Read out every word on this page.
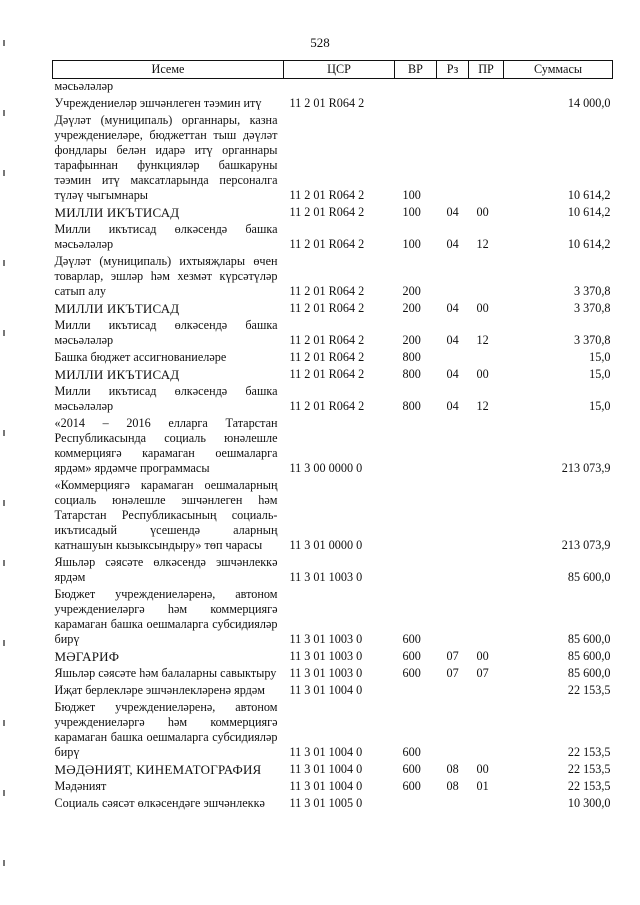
528
Исеме	ЦСР	ВР	Рз	ПР	Суммасы
мәсьәләләр					
Учреждениеләр эшчәнлеген тәэмин итү	11 2 01 R064 2				14 000,0
Дәүләт (муниципаль) органнары, казна учреждениеләре, бюджеттан тыш дәүләт фондлары белән идарә итү органнары тарафыннан функцияләр башкаруны тәэмин итү максатларында персоналга түләү чыгымнары	11 2 01 R064 2	100			10 614,2
МИЛЛИ ИКЪТИСАД	11 2 01 R064 2	100	04	00	10 614,2
Милли икътисад өлкәсендә башка мәсьәләләр	11 2 01 R064 2	100	04	12	10 614,2
Дәүләт (муниципаль) ихтыяҗлары өчен товарлар, эшләр һәм хезмәт күрсәтүләр сатып алу	11 2 01 R064 2	200			3 370,8
МИЛЛИ ИКЪТИСАД	11 2 01 R064 2	200	04	00	3 370,8
Милли икътисад өлкәсендә башка мәсьәләләр	11 2 01 R064 2	200	04	12	3 370,8
Башка бюджет ассигнованиеләре	11 2 01 R064 2	800			15,0
МИЛЛИ ИКЪТИСАД	11 2 01 R064 2	800	04	00	15,0
Милли икътисад өлкәсендә башка мәсьәләләр	11 2 01 R064 2	800	04	12	15,0
«2014 – 2016 елларга Татарстан Республикасында социаль юнәлешле коммерциягә карамаган оешмаларга ярдәм» ярдәмче программасы	11 3 00 0000 0				213 073,9
«Коммерциягә карамаган оешмаларның социаль юнәлешле эшчәнлеген һәм Татарстан Республикасының социаль-икътисадый үсешендә аларның катнашуын кызыксындыру» төп чарасы	11 3 01 0000 0				213 073,9
Яшьләр сәясәте өлкәсендә эшчәнлеккә ярдәм	11 3 01 1003 0				85 600,0
Бюджет учреждениеләренә, автоном учреждениеләргә һәм коммерциягә карамаган башка оешмаларга субсидияләр бирү	11 3 01 1003 0	600			85 600,0
МӘГАРИФ	11 3 01 1003 0	600	07	00	85 600,0
Яшьләр сәясәте һәм балаларны савыктыру	11 3 01 1003 0	600	07	07	85 600,0
Иҗат берлекләре эшчәнлекләренә ярдәм	11 3 01 1004 0				22 153,5
Бюджет учреждениеләренә, автоном учреждениеләргә һәм коммерциягә карамаган башка оешмаларга субсидияләр бирү	11 3 01 1004 0	600			22 153,5
МӘДӘНИЯТ, КИНЕМАТОГРАФИЯ	11 3 01 1004 0	600	08	00	22 153,5
Мәдәният	11 3 01 1004 0	600	08	01	22 153,5
Социаль сәясәт өлкәсендәге эшчәнлеккә	11 3 01 1005 0				10 300,0
